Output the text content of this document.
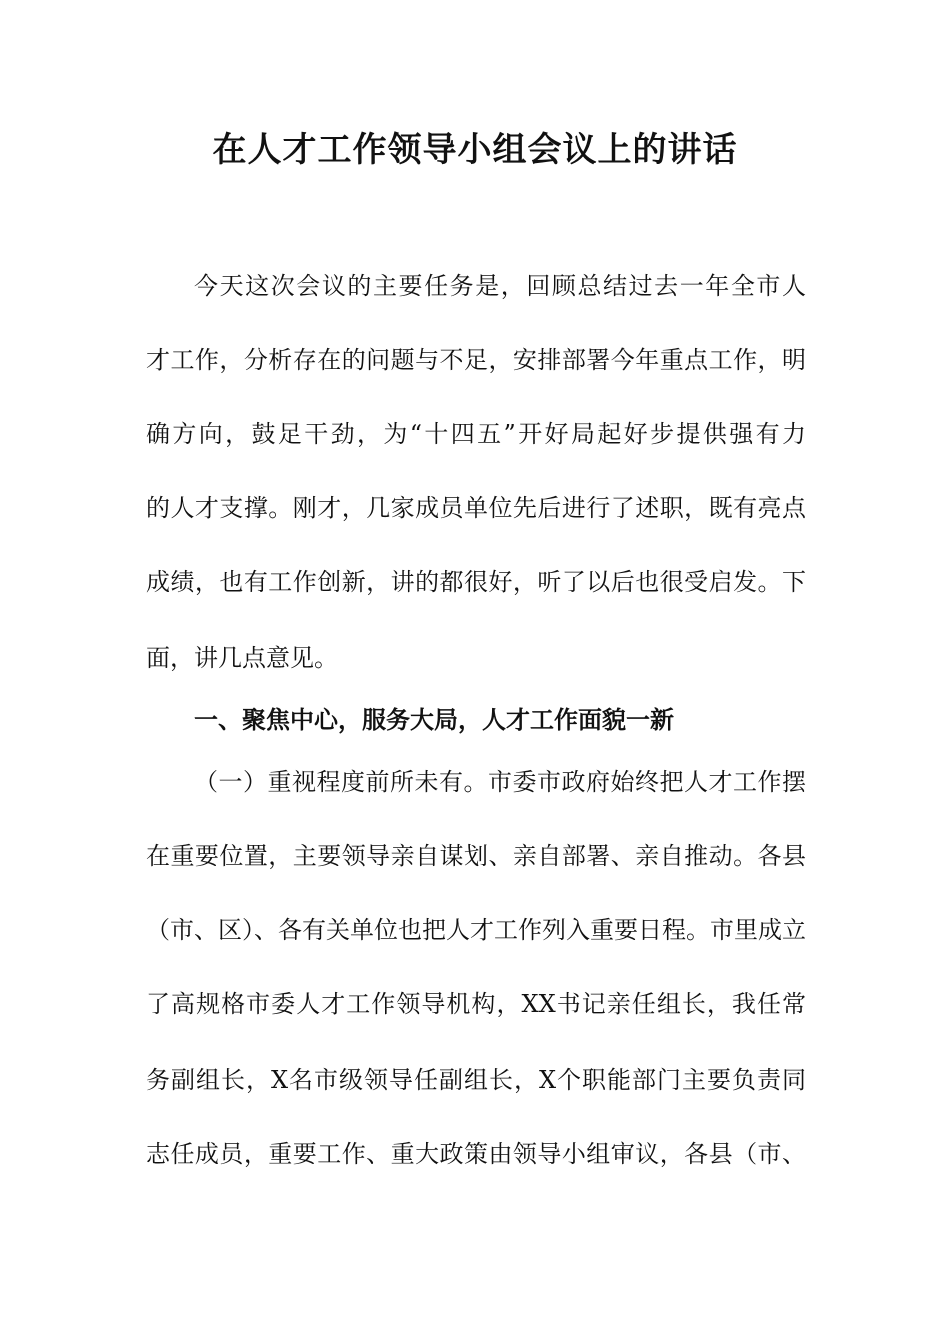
在人才工作领导小组会议上的讲话
今天这次会议的主要任务是，回顾总结过去一年全市人
才工作，分析存在的问题与不足，安排部署今年重点工作，明
确方向，鼓足干劲，为“十四五”开好局起好步提供强有力
的人才支撑。刚才，几家成员单位先后进行了述职，既有亮点
成绩，也有工作创新，讲的都很好，听了以后也很受启发。下
面，讲几点意见。
一、聚焦中心，服务大局，人才工作面貌一新
（一）重视程度前所未有。市委市政府始终把人才工作摆
在重要位置，主要领导亲自谋划、亲自部署、亲自推动。各县
（市、区）、各有关单位也把人才工作列入重要日程。市里成立
了高规格市委人才工作领导机构，XX书记亲任组长，我任常
务副组长，X名市级领导任副组长，X个职能部门主要负责同
志任成员，重要工作、重大政策由领导小组审议，各县（市、
